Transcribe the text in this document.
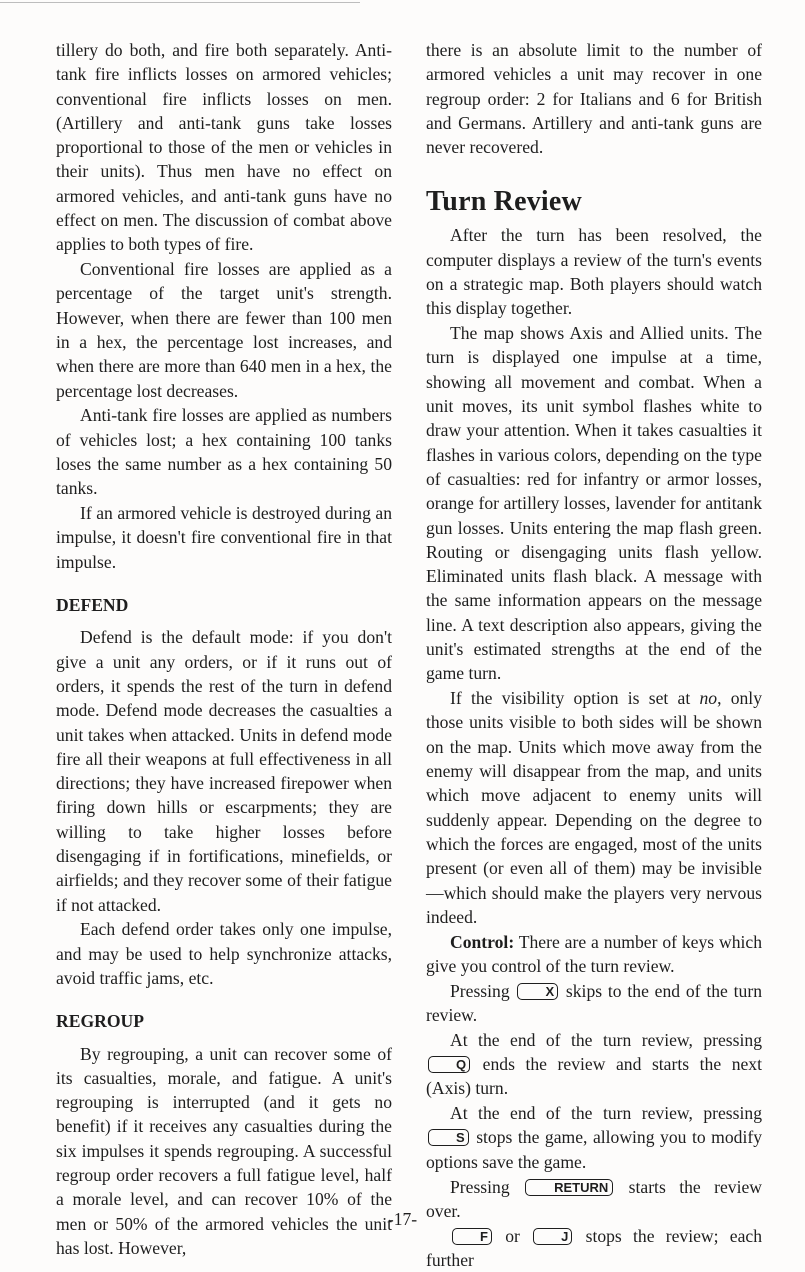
tillery do both, and fire both separately. Anti-tank fire inflicts losses on armored vehicles; conventional fire inflicts losses on men. (Artillery and anti-tank guns take losses proportional to those of the men or vehicles in their units). Thus men have no effect on armored vehicles, and anti-tank guns have no effect on men. The discussion of combat above applies to both types of fire.

Conventional fire losses are applied as a percentage of the target unit's strength. However, when there are fewer than 100 men in a hex, the percentage lost increases, and when there are more than 640 men in a hex, the percentage lost decreases.

Anti-tank fire losses are applied as numbers of vehicles lost; a hex containing 100 tanks loses the same number as a hex containing 50 tanks.

If an armored vehicle is destroyed during an impulse, it doesn't fire conventional fire in that impulse.

DEFEND

Defend is the default mode: if you don't give a unit any orders, or if it runs out of orders, it spends the rest of the turn in defend mode. Defend mode decreases the casualties a unit takes when attacked. Units in defend mode fire all their weapons at full effectiveness in all directions; they have increased firepower when firing down hills or escarpments; they are willing to take higher losses before disengaging if in fortifications, minefields, or airfields; and they recover some of their fatigue if not attacked.

Each defend order takes only one impulse, and may be used to help synchronize attacks, avoid traffic jams, etc.

REGROUP

By regrouping, a unit can recover some of its casualties, morale, and fatigue. A unit's regrouping is interrupted (and it gets no benefit) if it receives any casualties during the six impulses it spends regrouping. A successful regroup order recovers a full fatigue level, half a morale level, and can recover 10% of the men or 50% of the armored vehicles the unit has lost. However,

there is an absolute limit to the number of armored vehicles a unit may recover in one regroup order: 2 for Italians and 6 for British and Germans. Artillery and anti-tank guns are never recovered.

Turn Review

After the turn has been resolved, the computer displays a review of the turn's events on a strategic map. Both players should watch this display together.

The map shows Axis and Allied units. The turn is displayed one impulse at a time, showing all movement and combat. When a unit moves, its unit symbol flashes white to draw your attention. When it takes casualties it flashes in various colors, depending on the type of casualties: red for infantry or armor losses, orange for artillery losses, lavender for antitank gun losses. Units entering the map flash green. Routing or disengaging units flash yellow. Eliminated units flash black. A message with the same information appears on the message line. A text description also appears, giving the unit's estimated strengths at the end of the game turn.

If the visibility option is set at no, only those units visible to both sides will be shown on the map. Units which move away from the enemy will disappear from the map, and units which move adjacent to enemy units will suddenly appear. Depending on the degree to which the forces are engaged, most of the units present (or even all of them) may be invisible—which should make the players very nervous indeed.

Control: There are a number of keys which give you control of the turn review.

Pressing X skips to the end of the turn review.

At the end of the turn review, pressing Q ends the review and starts the next (Axis) turn.

At the end of the turn review, pressing S stops the game, allowing you to modify options save the game.

Pressing RETURN starts the review over.

F or J stops the review; each further

-17-
